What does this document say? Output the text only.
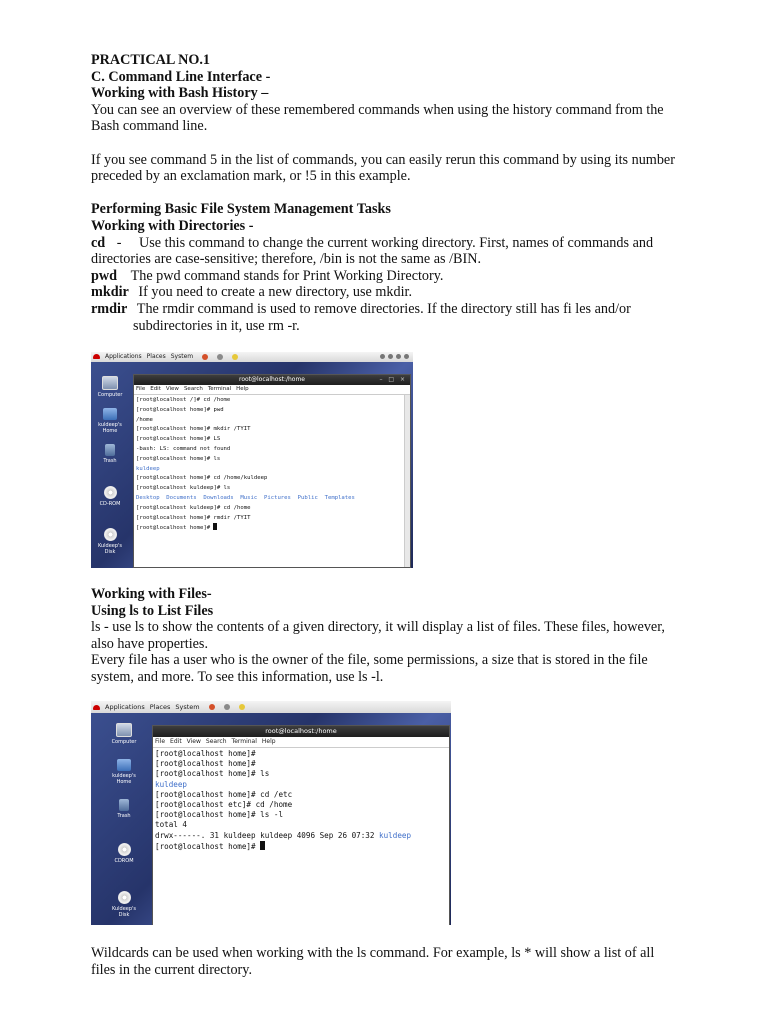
PRACTICAL NO.1
C. Command Line Interface -
Working with Bash History –
You can see an overview of these remembered commands when using the history command from the
Bash command line.
If you see command 5 in the list of commands, you can easily rerun this command by using its number
preceded by an exclamation mark, or !5 in this example.
Performing Basic File System Management Tasks
Working with Directories -
cd - Use this command to change the current working directory. First, names of commands and
directories are case-sensitive; therefore, /bin is not the same as /BIN.
pwd The pwd command stands for Print Working Directory.
mkdir If you need to create a new directory, use mkdir.
rmdir The rmdir command is used to remove directories. If the directory still has fi les and/or
subdirectories in it, use rm -r.
Applications Places System
Computer
kuldeep's Home
Trash
CD-ROM
Kuldeep's Disk
root@localhost:/home	– □ ×
File Edit View Search Terminal Help
[root@localhost /]# cd /home
[root@localhost home]# pwd
/home
[root@localhost home]# mkdir /TYIT
[root@localhost home]# LS
-bash: LS: command not found
[root@localhost home]# ls
kuldeep
[root@localhost home]# cd /home/kuldeep
[root@localhost kuldeep]# ls
Desktop  Documents  Downloads  Music  Pictures  Public  Templates
[root@localhost kuldeep]# cd /home
[root@localhost home]# rmdir /TYIT
[root@localhost home]#
Working with Files-
Using ls to List Files
ls - use ls to show the contents of a given directory, it will display a list of files. These files, however,
also have properties.
Every file has a user who is the owner of the file, some permissions, a size that is stored in the file
system, and more. To see this information, use ls -l.
Applications Places System
Computer
kuldeep's Home
Trash
CDROM
Kuldeep's Disk
root@localhost:/home
File Edit View Search Terminal Help
[root@localhost home]#
[root@localhost home]#
[root@localhost home]# ls
kuldeep
[root@localhost home]# cd /etc
[root@localhost etc]# cd /home
[root@localhost home]# ls -l
total 4
drwx------. 31 kuldeep kuldeep 4096 Sep 26 07:32 kuldeep
[root@localhost home]#
Wildcards can be used when working with the ls command. For example, ls * will show a list of all
files in the current directory.
